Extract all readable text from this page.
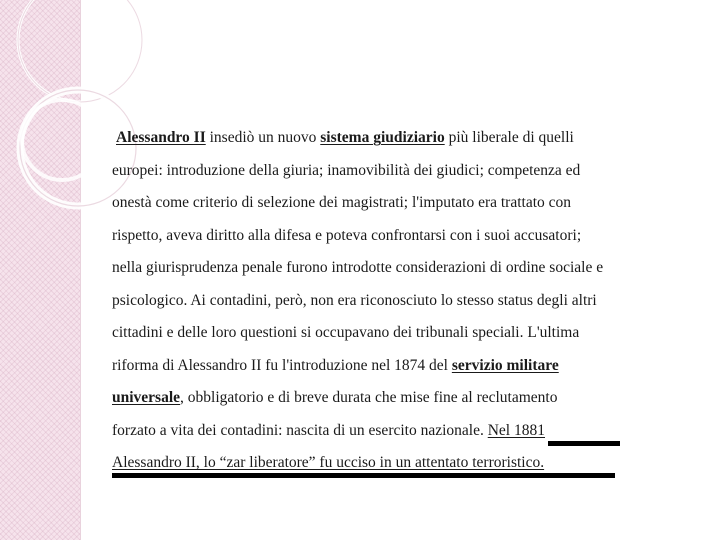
Alessandro II insediò un nuovo sistema giudiziario più liberale di quelli
europei: introduzione della giuria; inamovibilità dei giudici; competenza ed
onestà come criterio di selezione dei magistrati; l'imputato era trattato con
rispetto, aveva diritto alla difesa e poteva confrontarsi con i suoi accusatori;
nella giurisprudenza penale furono introdotte considerazioni di ordine sociale e
psicologico. Ai contadini, però, non era riconosciuto lo stesso status degli altri
cittadini e delle loro questioni si occupavano dei tribunali speciali. L'ultima
riforma di Alessandro II fu l'introduzione nel 1874 del servizio militare
universale, obbligatorio e di breve durata che mise fine al reclutamento
forzato a vita dei contadini: nascita di un esercito nazionale. Nel 1881
Alessandro II, lo “zar liberatore” fu ucciso in un attentato terroristico.
